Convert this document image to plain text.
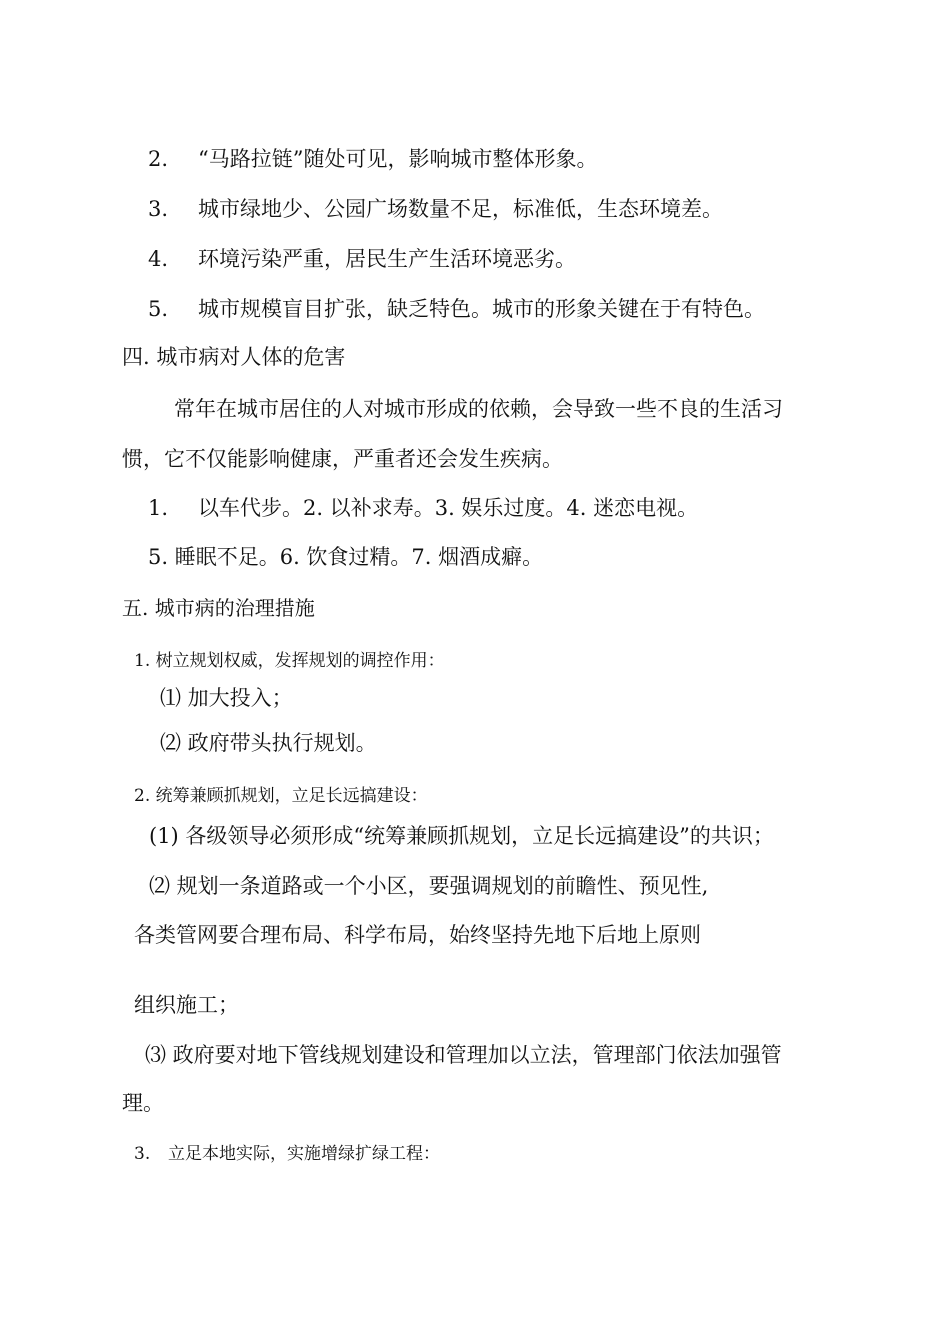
2. “马路拉链”随处可见，影响城市整体形象。
3. 城市绿地少、公园广场数量不足，标准低，生态环境差。
4. 环境污染严重，居民生产生活环境恶劣。
5. 城市规模盲目扩张，缺乏特色。城市的形象关键在于有特色。
四. 城市病对人体的危害
常年在城市居住的人对城市形成的依赖，会导致一些不良的生活习
惯，它不仅能影响健康，严重者还会发生疾病。
1. 以车代步。2. 以补求寿。3. 娱乐过度。4. 迷恋电视。
5. 睡眠不足。6. 饮食过精。7. 烟酒成癖。
五. 城市病的治理措施
1. 树立规划权威，发挥规划的调控作用：
⑴ 加大投入；
⑵ 政府带头执行规划。
2. 统筹兼顾抓规划，立足长远搞建设：
(1) 各级领导必须形成“统筹兼顾抓规划，立足长远搞建设”的共识；
⑵ 规划一条道路或一个小区，要强调规划的前瞻性、预见性,
各类管网要合理布局、科学布局，始终坚持先地下后地上原则
组织施工；
⑶ 政府要对地下管线规划建设和管理加以立法，管理部门依法加强管
理。
3. 立足本地实际，实施增绿扩绿工程：
